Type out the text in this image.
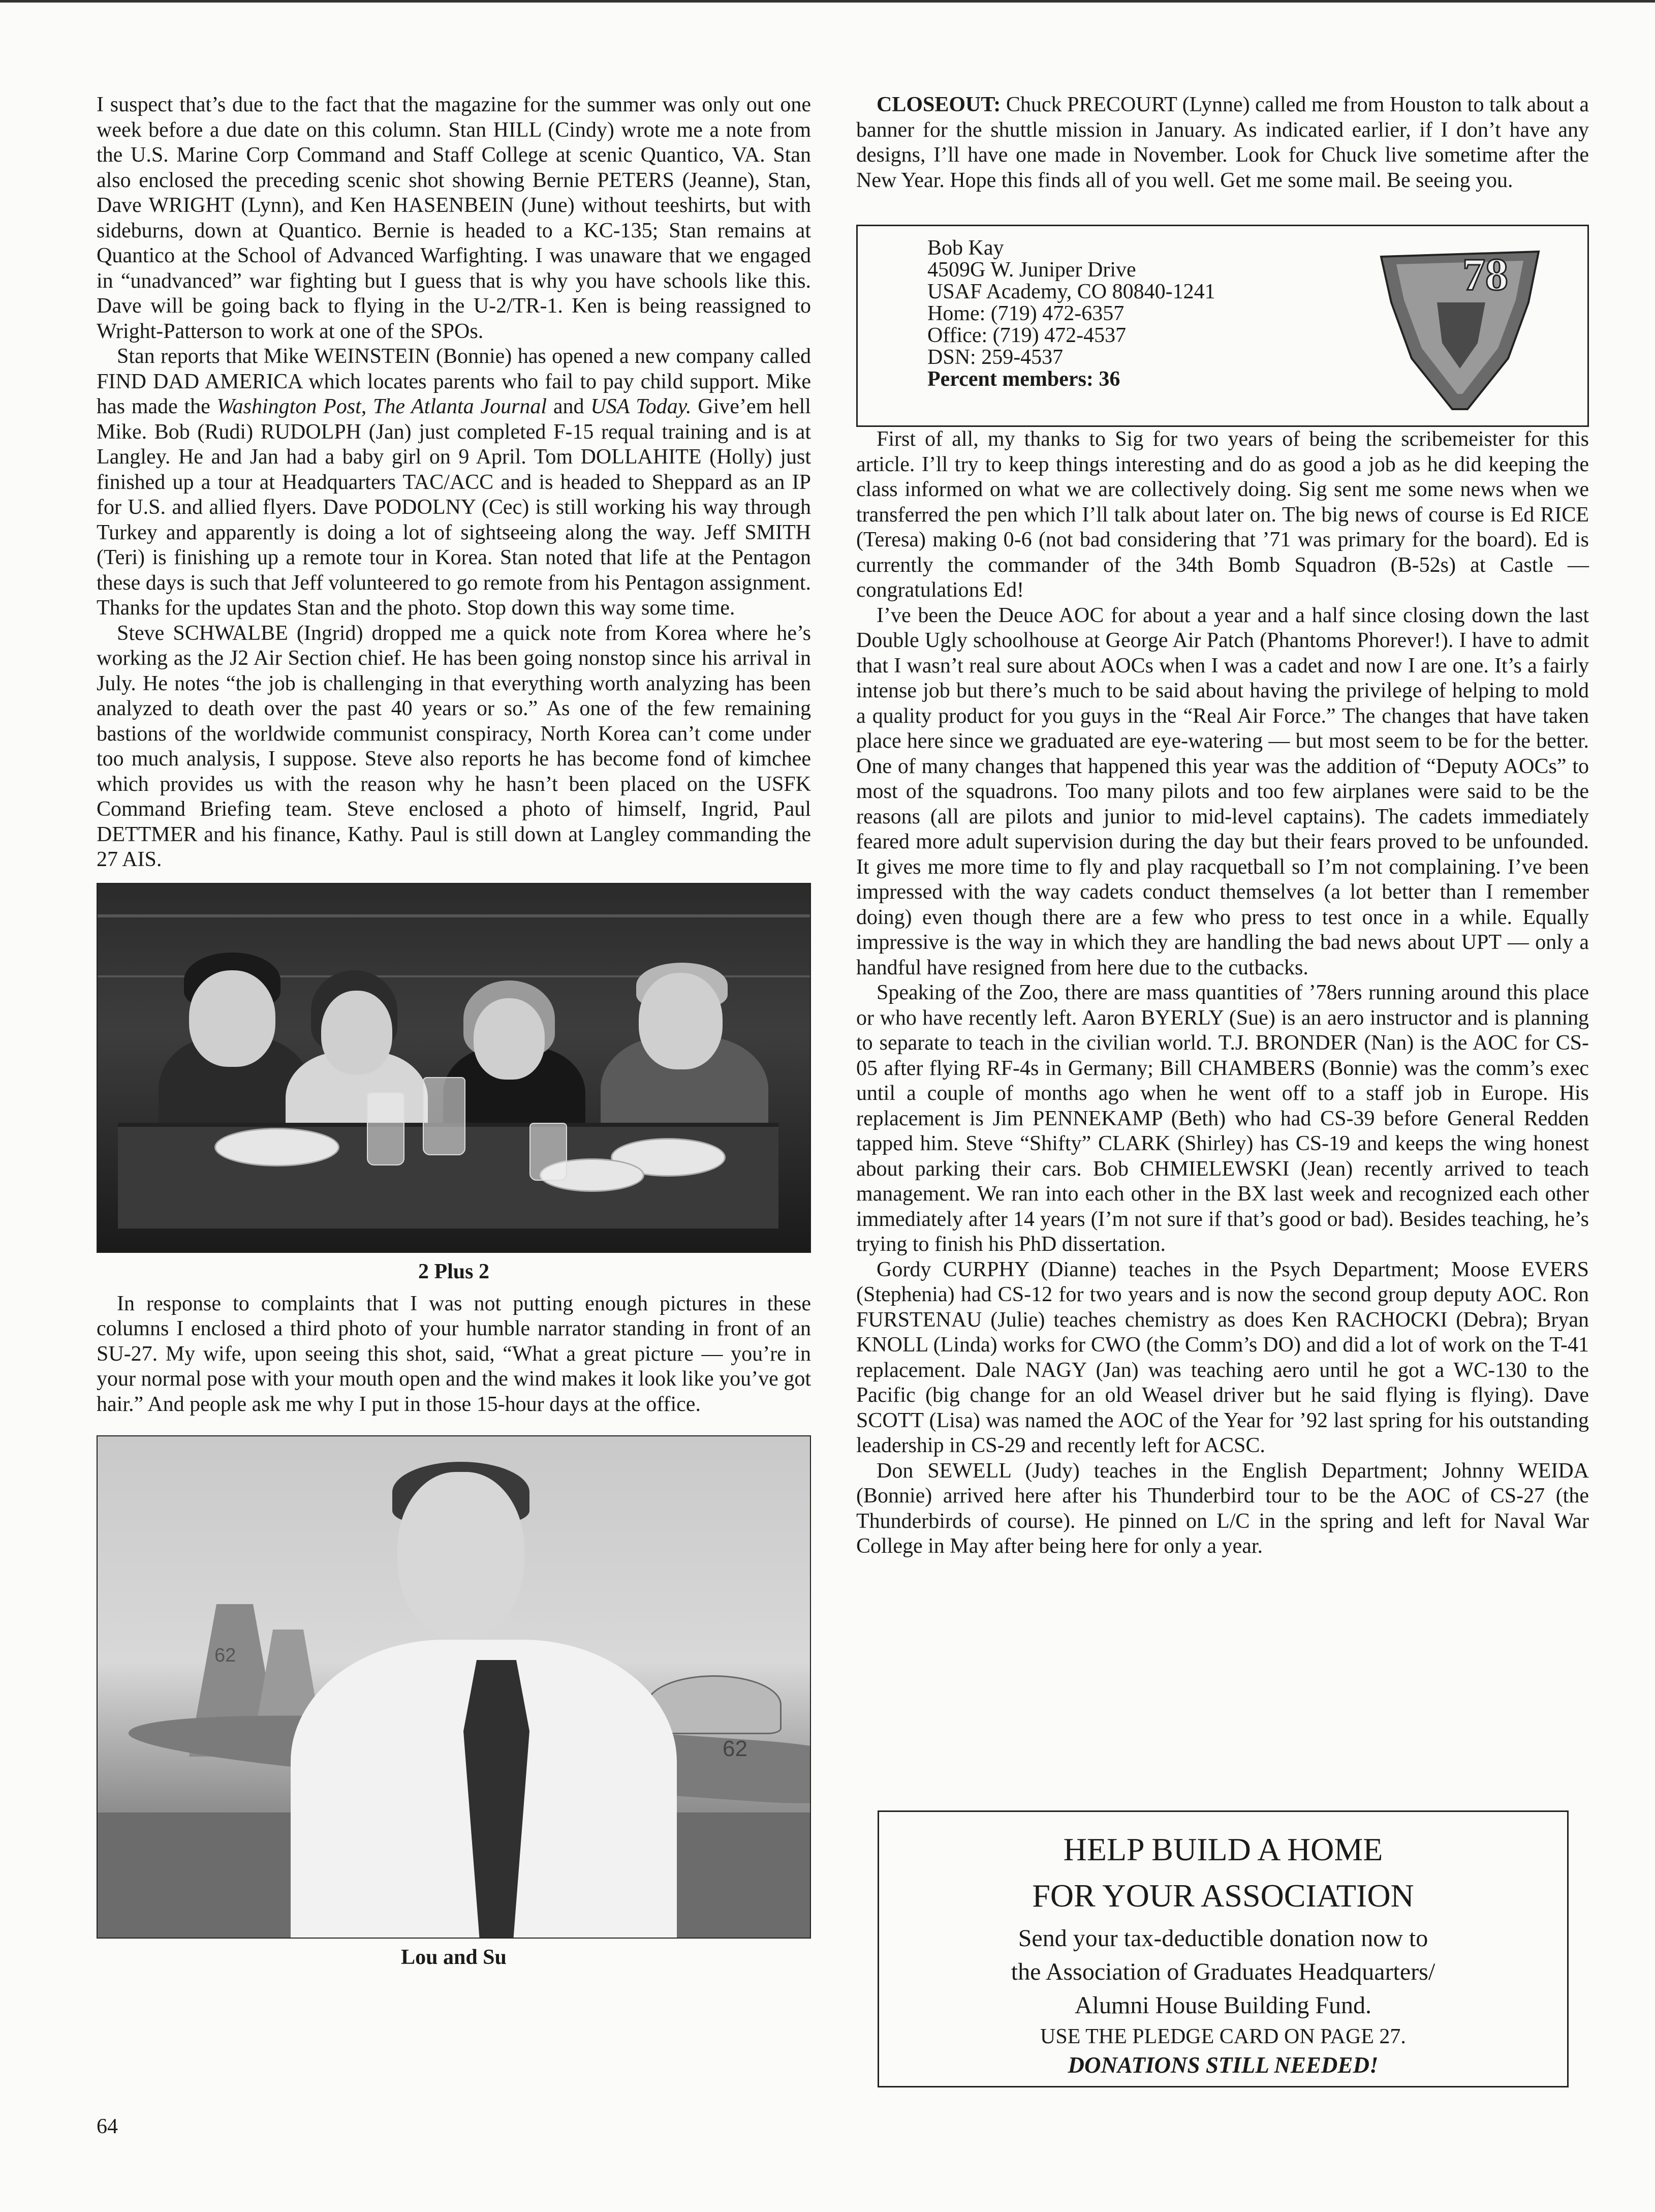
I suspect that’s due to the fact that the magazine for the summer was only out one week before a due date on this column. Stan HILL (Cindy) wrote me a note from the U.S. Marine Corp Command and Staff College at scenic Quantico, VA. Stan also enclosed the preceding scenic shot showing Bernie PETERS (Jeanne), Stan, Dave WRIGHT (Lynn), and Ken HASENBEIN (June) without teeshirts, but with sideburns, down at Quantico. Bernie is headed to a KC-135; Stan remains at Quantico at the School of Advanced Warfighting. I was unaware that we engaged in “unadvanced” war fighting but I guess that is why you have schools like this. Dave will be going back to flying in the U-2/TR-1. Ken is being reassigned to Wright-Patterson to work at one of the SPOs.

Stan reports that Mike WEINSTEIN (Bonnie) has opened a new company called FIND DAD AMERICA which locates parents who fail to pay child support. Mike has made the Washington Post, The Atlanta Journal and USA Today. Give’em hell Mike. Bob (Rudi) RUDOLPH (Jan) just completed F-15 requal training and is at Langley. He and Jan had a baby girl on 9 April. Tom DOLLAHITE (Holly) just finished up a tour at Headquarters TAC/ACC and is headed to Sheppard as an IP for U.S. and allied flyers. Dave PODOLNY (Cec) is still working his way through Turkey and apparently is doing a lot of sightseeing along the way. Jeff SMITH (Teri) is finishing up a remote tour in Korea. Stan noted that life at the Pentagon these days is such that Jeff volunteered to go remote from his Pentagon assignment. Thanks for the updates Stan and the photo. Stop down this way some time.

Steve SCHWALBE (Ingrid) dropped me a quick note from Korea where he’s working as the J2 Air Section chief. He has been going nonstop since his arrival in July. He notes “the job is challenging in that everything worth analyzing has been analyzed to death over the past 40 years or so.” As one of the few remaining bastions of the worldwide communist conspiracy, North Korea can’t come under too much analysis, I suppose. Steve also reports he has become fond of kimchee which provides us with the reason why he hasn’t been placed on the USFK Command Briefing team. Steve enclosed a photo of himself, Ingrid, Paul DETTMER and his finance, Kathy. Paul is still down at Langley commanding the 27 AIS.

2 Plus 2

In response to complaints that I was not putting enough pictures in these columns I enclosed a third photo of your humble narrator standing in front of an SU-27. My wife, upon seeing this shot, said, “What a great picture — you’re in your normal pose with your mouth open and the wind makes it look like you’ve got hair.” And people ask me why I put in those 15-hour days at the office.

62
62
Lou and Su

CLOSEOUT: Chuck PRECOURT (Lynne) called me from Houston to talk about a banner for the shuttle mission in January. As indicated earlier, if I don’t have any designs, I’ll have one made in November. Look for Chuck live sometime after the New Year. Hope this finds all of you well. Get me some mail. Be seeing you.

Bob Kay
4509G W. Juniper Drive
USAF Academy, CO 80840-1241
Home: (719) 472-6357
Office: (719) 472-4537
DSN: 259-4537
Percent members: 36
78

First of all, my thanks to Sig for two years of being the scribemeister for this article. I’ll try to keep things interesting and do as good a job as he did keeping the class informed on what we are collectively doing. Sig sent me some news when we transferred the pen which I’ll talk about later on. The big news of course is Ed RICE (Teresa) making 0-6 (not bad considering that ’71 was primary for the board). Ed is currently the commander of the 34th Bomb Squadron (B-52s) at Castle — congratulations Ed!

I’ve been the Deuce AOC for about a year and a half since closing down the last Double Ugly schoolhouse at George Air Patch (Phantoms Phorever!). I have to admit that I wasn’t real sure about AOCs when I was a cadet and now I are one. It’s a fairly intense job but there’s much to be said about having the privilege of helping to mold a quality product for you guys in the “Real Air Force.” The changes that have taken place here since we graduated are eye-watering — but most seem to be for the better. One of many changes that happened this year was the addition of “Deputy AOCs” to most of the squadrons. Too many pilots and too few airplanes were said to be the reasons (all are pilots and junior to mid-level captains). The cadets immediately feared more adult supervision during the day but their fears proved to be unfounded. It gives me more time to fly and play racquetball so I’m not complaining. I’ve been impressed with the way cadets conduct themselves (a lot better than I remember doing) even though there are a few who press to test once in a while. Equally impressive is the way in which they are handling the bad news about UPT — only a handful have resigned from here due to the cutbacks.

Speaking of the Zoo, there are mass quantities of ’78ers running around this place or who have recently left. Aaron BYERLY (Sue) is an aero instructor and is planning to separate to teach in the civilian world. T.J. BRONDER (Nan) is the AOC for CS-05 after flying RF-4s in Germany; Bill CHAMBERS (Bonnie) was the comm’s exec until a couple of months ago when he went off to a staff job in Europe. His replacement is Jim PENNEKAMP (Beth) who had CS-39 before General Redden tapped him. Steve “Shifty” CLARK (Shirley) has CS-19 and keeps the wing honest about parking their cars. Bob CHMIELEWSKI (Jean) recently arrived to teach management. We ran into each other in the BX last week and recognized each other immediately after 14 years (I’m not sure if that’s good or bad). Besides teaching, he’s trying to finish his PhD dissertation.

Gordy CURPHY (Dianne) teaches in the Psych Department; Moose EVERS (Stephenia) had CS-12 for two years and is now the second group deputy AOC. Ron FURSTENAU (Julie) teaches chemistry as does Ken RACHOCKI (Debra); Bryan KNOLL (Linda) works for CWO (the Comm’s DO) and did a lot of work on the T-41 replacement. Dale NAGY (Jan) was teaching aero until he got a WC-130 to the Pacific (big change for an old Weasel driver but he said flying is flying). Dave SCOTT (Lisa) was named the AOC of the Year for ’92 last spring for his outstanding leadership in CS-29 and recently left for ACSC.

Don SEWELL (Judy) teaches in the English Department; Johnny WEIDA (Bonnie) arrived here after his Thunderbird tour to be the AOC of CS-27 (the Thunderbirds of course). He pinned on L/C in the spring and left for Naval War College in May after being here for only a year.

HELP BUILD A HOME
FOR YOUR ASSOCIATION
Send your tax-deductible donation now to
the Association of Graduates Headquarters/
Alumni House Building Fund.
USE THE PLEDGE CARD ON PAGE 27.
DONATIONS STILL NEEDED!
64
